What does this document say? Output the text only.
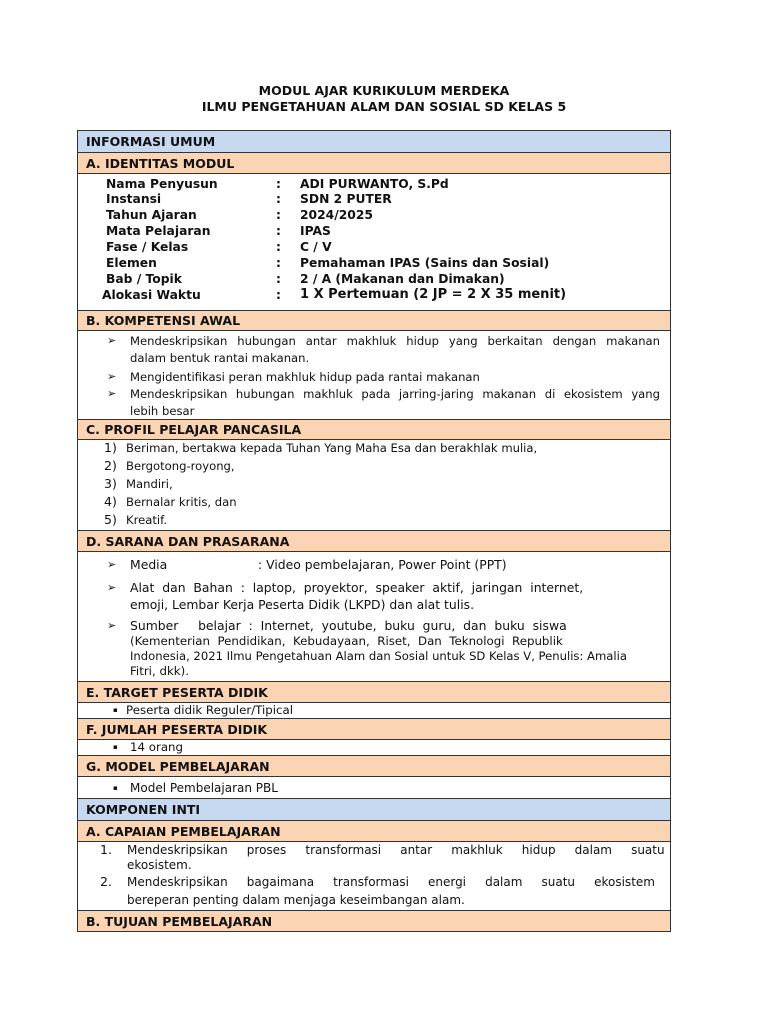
MODUL AJAR KURIKULUM MERDEKA
ILMU PENGETAHUAN ALAM DAN SOSIAL SD KELAS 5
INFORMASI UMUM
A. IDENTITAS MODUL
Nama Penyusun	: ADI PURWANTO, S.Pd
Instansi	: SDN 2 PUTER
Tahun Ajaran	: 2024/2025
Mata Pelajaran	: IPAS
Fase / Kelas	: C / V
Elemen	: Pemahaman IPAS (Sains dan Sosial)
Bab / Topik	: 2 / A (Makanan dan Dimakan)
Alokasi Waktu	: 1 X Pertemuan (2 JP = 2 X 35 menit)
B. KOMPETENSI AWAL
➢ Mendeskripsikan hubungan antar makhluk hidup yang berkaitan dengan makanan
dalam bentuk rantai makanan.
➢ Mengidentifikasi peran makhluk hidup pada rantai makanan
➢ Mendeskripsikan hubungan makhluk pada jarring-jaring makanan di ekosistem yang
lebih besar
C. PROFIL PELAJAR PANCASILA
1) Beriman, bertakwa kepada Tuhan Yang Maha Esa dan berakhlak mulia,
2) Bergotong-royong,
3) Mandiri,
4) Bernalar kritis, dan
5) Kreatif.
D. SARANA DAN PRASARANA
➢ Media	: Video pembelajaran, Power Point (PPT)
➢ Alat  dan  Bahan  :  laptop,  proyektor,  speaker  aktif,  jaringan  internet,
emoji, Lembar Kerja Peserta Didik (LKPD) dan alat tulis.
➢ Sumber     belajar  :  Internet,  youtube,  buku  guru,  dan  buku  siswa
(Kementerian  Pendidikan,  Kebudayaan,  Riset,  Dan  Teknologi  Republik
Indonesia, 2021 Ilmu Pengetahuan Alam dan Sosial untuk SD Kelas V, Penulis: Amalia
Fitri, dkk).
E. TARGET PESERTA DIDIK
▪ Peserta didik Reguler/Tipical
F. JUMLAH PESERTA DIDIK
▪ 14 orang
G. MODEL PEMBELAJARAN
▪ Model Pembelajaran PBL
KOMPONEN INTI
A. CAPAIAN PEMBELAJARAN
1. Mendeskripsikan     proses     transformasi     antar     makhluk     hidup     dalam     suatu
ekosistem.
2. Mendeskripsikan     bagaimana     transformasi     energi     dalam     suatu     ekosistem
bereperan penting dalam menjaga keseimbangan alam.
B. TUJUAN PEMBELAJARAN
